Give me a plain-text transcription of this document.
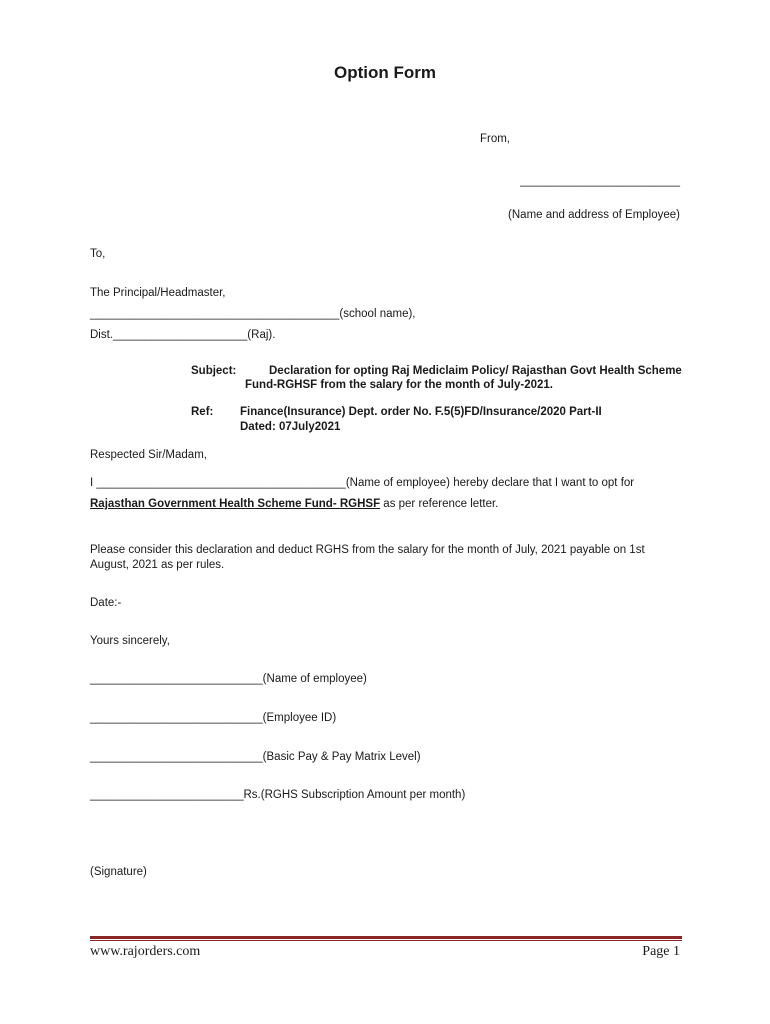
Option Form

From,

_________________________

(Name and address of Employee)

To,

The Principal/Headmaster,

_______________________________________(school name),

Dist._____________________(Raj).

Subject:	Declaration for opting Raj Mediclaim Policy/ Rajasthan Govt Health Scheme

Fund-RGHSF from the salary for the month of July-2021.

Ref: Finance(Insurance) Dept. order No. F.5(5)FD/Insurance/2020 Part-II

Dated: 07July2021

Respected Sir/Madam,

I _______________________________________(Name of employee) hereby declare that I want to opt for

Rajasthan Government Health Scheme Fund- RGHSF as per reference letter.

Please consider this declaration and deduct RGHS from the salary for the month of July, 2021 payable on 1st

August, 2021 as per rules.

Date:-

Yours sincerely,

___________________________(Name of employee)

___________________________(Employee ID)

___________________________(Basic Pay & Pay Matrix Level)

________________________Rs.(RGHS Subscription Amount per month)

(Signature)

www.rajorders.com	Page 1
